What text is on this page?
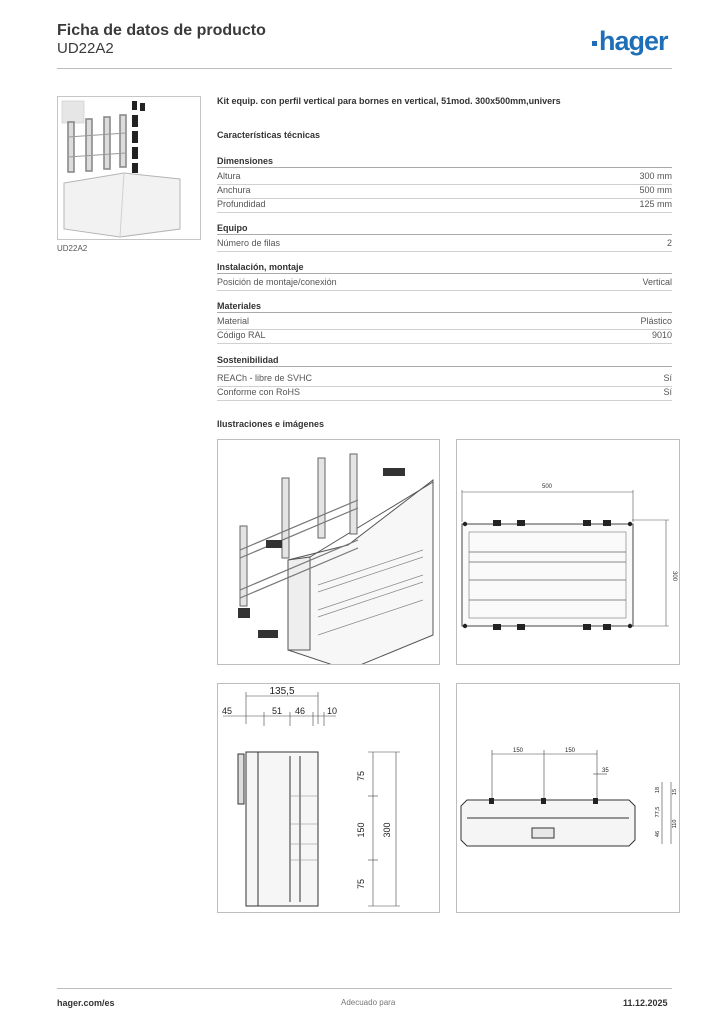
Ficha de datos de producto
UD22A2	hager
UD22A2
Kit equip. con perfil vertical para bornes en vertical, 51mod. 300x500mm,univers
Características técnicas
Dimensiones
Altura	300 mm
Anchura	500 mm
Profundidad	125 mm
Equipo
Número de filas	2
Instalación, montaje
Posición de montaje/conexión	Vertical
Materiales
Material	Plástico
Código RAL	9010
Sostenibilidad
REACh - libre de SVHC	Sí
Conforme con RoHS	Sí
Ilustraciones e imágenes
500
300
135,5
45	51 46 10
75
150
75
300
150	150
35
18 15
77,5
46
110
hager.com/es	Adecuado para	11.12.2025
